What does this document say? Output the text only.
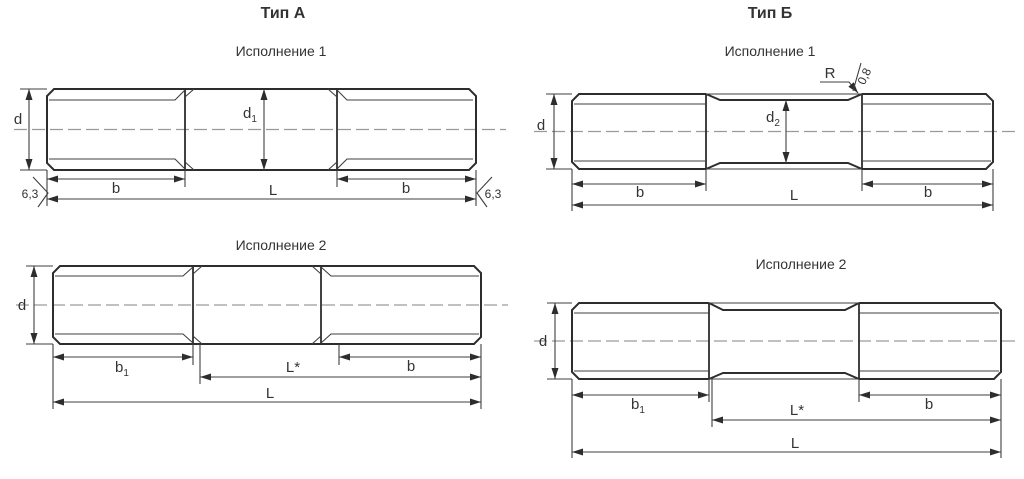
Тип А
Исполнение 1
Исполнение 2
Тип Б
Исполнение 1
Исполнение 2
d	$d_1$
b	b
L
6,3	6,3
d
$b_1$	b
L*
L
d	$d_2$
R 0,8
b	b
L
d
$b_1$	b
L*
L
